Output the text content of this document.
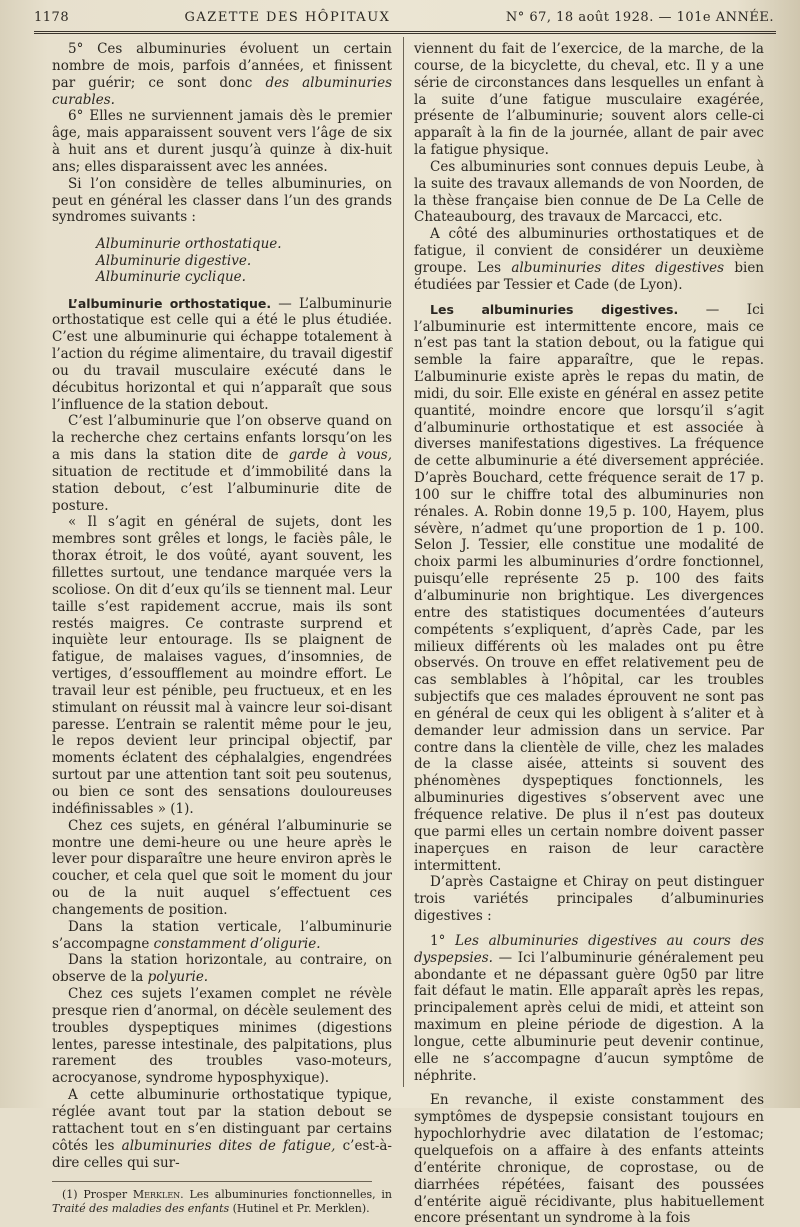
1178	GAZETTE DES HÔPITAUX	N° 67, 18 août 1928. — 101e ANNÉE.

5° Ces albuminuries évoluent un certain nombre de mois, parfois d’années, et finissent par guérir; ce sont donc des albuminuries curables.

6° Elles ne surviennent jamais dès le premier âge, mais apparaissent souvent vers l’âge de six à huit ans et durent jusqu’à quinze à dix-huit ans; elles disparaissent avec les années.

Si l’on considère de telles albuminuries, on peut en général les classer dans l’un des grands syndromes suivants :

Albuminurie orthostatique.
Albuminurie digestive.
Albuminurie cyclique.

L’albuminurie orthostatique. — L’albuminurie orthostatique est celle qui a été le plus étudiée. C’est une albuminurie qui échappe totalement à l’action du régime alimentaire, du travail digestif ou du travail musculaire exécuté dans le décubitus horizontal et qui n’apparaît que sous l’influence de la station debout.

C’est l’albuminurie que l’on observe quand on la recherche chez certains enfants lorsqu’on les a mis dans la station dite de garde à vous, situation de rectitude et d’immobilité dans la station debout, c’est l’albuminurie dite de posture.

« Il s’agit en général de sujets, dont les membres sont grêles et longs, le faciès pâle, le thorax étroit, le dos voûté, ayant souvent, les fillettes surtout, une tendance marquée vers la scoliose. On dit d’eux qu’ils se tiennent mal. Leur taille s’est rapidement accrue, mais ils sont restés maigres. Ce contraste surprend et inquiète leur entourage. Ils se plaignent de fatigue, de malaises vagues, d’insomnies, de vertiges, d’essoufflement au moindre effort. Le travail leur est pénible, peu fructueux, et en les stimulant on réussit mal à vaincre leur soi-disant paresse. L’entrain se ralentit même pour le jeu, le repos devient leur principal objectif, par moments éclatent des céphalalgies, engendrées surtout par une attention tant soit peu soutenus, ou bien ce sont des sensations douloureuses indéfinissables » (1).

Chez ces sujets, en général l’albuminurie se montre une demi-heure ou une heure après le lever pour disparaître une heure environ après le coucher, et cela quel que soit le moment du jour ou de la nuit auquel s’effectuent ces changements de position.

Dans la station verticale, l’albuminurie s’accompagne constamment d’oligurie.

Dans la station horizontale, au contraire, on observe de la polyurie.

Chez ces sujets l’examen complet ne révèle presque rien d’anormal, on décèle seulement des troubles dyspeptiques minimes (digestions lentes, paresse intestinale, des palpitations, plus rarement des troubles vaso-moteurs, acrocyanose, syndrome hyposphyxique).

A cette albuminurie orthostatique typique, réglée avant tout par la station debout se rattachent tout en s’en distinguant par certains côtés les albuminuries dites de fatigue, c’est-à-dire celles qui sur-

(1) Prosper Merklen. Les albuminuries fonctionnelles, in Traité des maladies des enfants (Hutinel et Pr. Merklen).

viennent du fait de l’exercice, de la marche, de la course, de la bicyclette, du cheval, etc. Il y a une série de circonstances dans lesquelles un enfant à la suite d’une fatigue musculaire exagérée, présente de l’albuminurie; souvent alors celle-ci apparaît à la fin de la journée, allant de pair avec la fatigue physique.

Ces albuminuries sont connues depuis Leube, à la suite des travaux allemands de von Noorden, de la thèse française bien connue de De La Celle de Chateaubourg, des travaux de Marcacci, etc.

A côté des albuminuries orthostatiques et de fatigue, il convient de considérer un deuxième groupe. Les albuminuries dites digestives bien étudiées par Tessier et Cade (de Lyon).

Les albuminuries digestives. — Ici l’albuminurie est intermittente encore, mais ce n’est pas tant la station debout, ou la fatigue qui semble la faire apparaître, que le repas. L’albuminurie existe après le repas du matin, de midi, du soir. Elle existe en général en assez petite quantité, moindre encore que lorsqu’il s’agit d’albuminurie orthostatique et est associée à diverses manifestations digestives. La fréquence de cette albuminurie a été diversement appréciée. D’après Bouchard, cette fréquence serait de 17 p. 100 sur le chiffre total des albuminuries non rénales. A. Robin donne 19,5 p. 100, Hayem, plus sévère, n’admet qu’une proportion de 1 p. 100. Selon J. Tessier, elle constitue une modalité de choix parmi les albuminuries d’ordre fonctionnel, puisqu’elle représente 25 p. 100 des faits d’albuminurie non brightique. Les divergences entre des statistiques documentées d’auteurs compétents s’expliquent, d’après Cade, par les milieux différents où les malades ont pu être observés. On trouve en effet relativement peu de cas semblables à l’hôpital, car les troubles subjectifs que ces malades éprouvent ne sont pas en général de ceux qui les obligent à s’aliter et à demander leur admission dans un service. Par contre dans la clientèle de ville, chez les malades de la classe aisée, atteints si souvent des phénomènes dyspeptiques fonctionnels, les albuminuries digestives s’observent avec une fréquence relative. De plus il n’est pas douteux que parmi elles un certain nombre doivent passer inaperçues en raison de leur caractère intermittent.

D’après Castaigne et Chiray on peut distinguer trois variétés principales d’albuminuries digestives :

1° Les albuminuries digestives au cours des dyspepsies. — Ici l’albuminurie généralement peu abondante et ne dépassant guère 0g50 par litre fait défaut le matin. Elle apparaît après les repas, principalement après celui de midi, et atteint son maximum en pleine période de digestion. A la longue, cette albuminurie peut devenir continue, elle ne s’accompagne d’aucun symptôme de néphrite.

En revanche, il existe constamment des symptômes de dyspepsie consistant toujours en hypochlorhydrie avec dilatation de l’estomac; quelquefois on a affaire à des enfants atteints d’entérite chronique, de coprostase, ou de diarrhées répétées, faisant des poussées d’entérite aiguë récidivante, plus habituellement encore présentant un syndrome à la fois
